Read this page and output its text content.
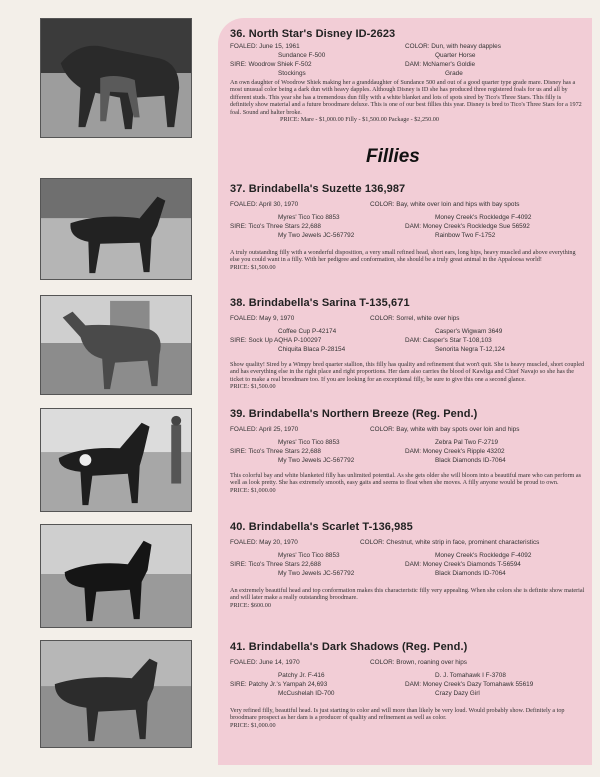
36. North Star's Disney ID-2623
FOALED: June 15, 1961	COLOR: Dun, with heavy dapples
Sundance F-500	Quarter Horse
SIRE: Woodrow Shiek F-502	DAM: McNamer's Goldie
Stockings	Grade
An own daughter of Woodrow Shiek making her a granddaughter of Sundance 500 and out of a good quarter type grade mare. Disney has a most unusual color being a dark dun with heavy dapples. Although Disney is ID she has produced three registered foals for us and all by different studs. This year she has a tremendous dun filly with a white blanket and lots of spots sired by Tico's Three Stars. This filly is definitely show material and a future broodmare deluxe. This is one of our best fillies this year. Disney is bred to Tico's Three Stars for a 1972 foal. Sound and halter broke.
PRICE: Mare - $1,000.00 Filly - $1,500.00 Package - $2,250.00
Fillies
37. Brindabella's Suzette 136,987
FOALED: April 30, 1970	COLOR: Bay, white over loin and hips with bay spots
Myres' Tico Tico 8853	Money Creek's Rockledge F-4092
SIRE: Tico's Three Stars 22,688	DAM: Money Creek's Rockledge Sue 56592
My Two Jewels JC-567792	Rainbow Two F-1752
A truly outstanding filly with a wonderful disposition, a very small refined head, short ears, long hips, heavy muscled and above everything else you could want in a filly. With her pedigree and conformation, she should be a truly great animal in the Appaloosa world!
PRICE: $1,500.00
38. Brindabella's Sarina T-135,671
FOALED: May 9, 1970	COLOR: Sorrel, white over hips
Coffee Cup P-42174	Casper's Wigwam 3649
SIRE: Sock Up AQHA P-100297	DAM: Casper's Star T-108,103
Chiquita Blaca P-28154	Senorita Negra T-12,124
Show quality! Sired by a Wimpy bred quarter stallion, this filly has quality and refinement that won't quit. She is heavy muscled, short coupled and has everything else in the right place and right proportions. Her dam also carries the blood of Kawliga and Chief Navajo so she has the ticket to make a real broodmare too. If you are looking for an exceptional filly, be sure to give this one a second glance.
PRICE: $1,500.00
39. Brindabella's Northern Breeze (Reg. Pend.)
FOALED: April 25, 1970	COLOR: Bay, white with bay spots over loin and hips
Myres' Tico Tico 8853	Zebra Pal Two F-2719
SIRE: Tico's Three Stars 22,688	DAM: Money Creek's Ripple 43202
My Two Jewels JC-567792	Black Diamonds ID-7064
This colorful bay and white blanketed filly has unlimited potential. As she gets older she will bloom into a beautiful mare who can perform as well as look pretty. She has extremely smooth, easy gaits and seems to float when she moves. A filly anyone would be proud to own.
PRICE: $1,000.00
40. Brindabella's Scarlet T-136,985
FOALED: May 20, 1970	COLOR: Chestnut, white strip in face, prominent characteristics
Myres' Tico Tico 8853	Money Creek's Rockledge F-4092
SIRE: Tico's Three Stars 22,688	DAM: Money Creek's Diamonds T-56594
My Two Jewels JC-567792	Black Diamonds ID-7064
An extremely beautiful head and top conformation makes this characteristic filly very appealing. When she colors she is definite show material and will later make a really outstanding broodmare.
PRICE: $600.00
41. Brindabella's Dark Shadows (Reg. Pend.)
FOALED: June 14, 1970	COLOR: Brown, roaning over hips
Patchy Jr. F-416	D. J. Tomahawk I F-3708
SIRE: Patchy Jr.'s Yampah 24,693	DAM: Money Creek's Dazy Tomahawk 55619
McCushelah ID-700	Crazy Dazy Girl
Very refined filly, beautiful head. Is just starting to color and will more than likely be very loud. Would probably show. Definitely a top broodmare prospect as her dam is a producer of quality and refinement as well as color.
PRICE: $1,000.00
